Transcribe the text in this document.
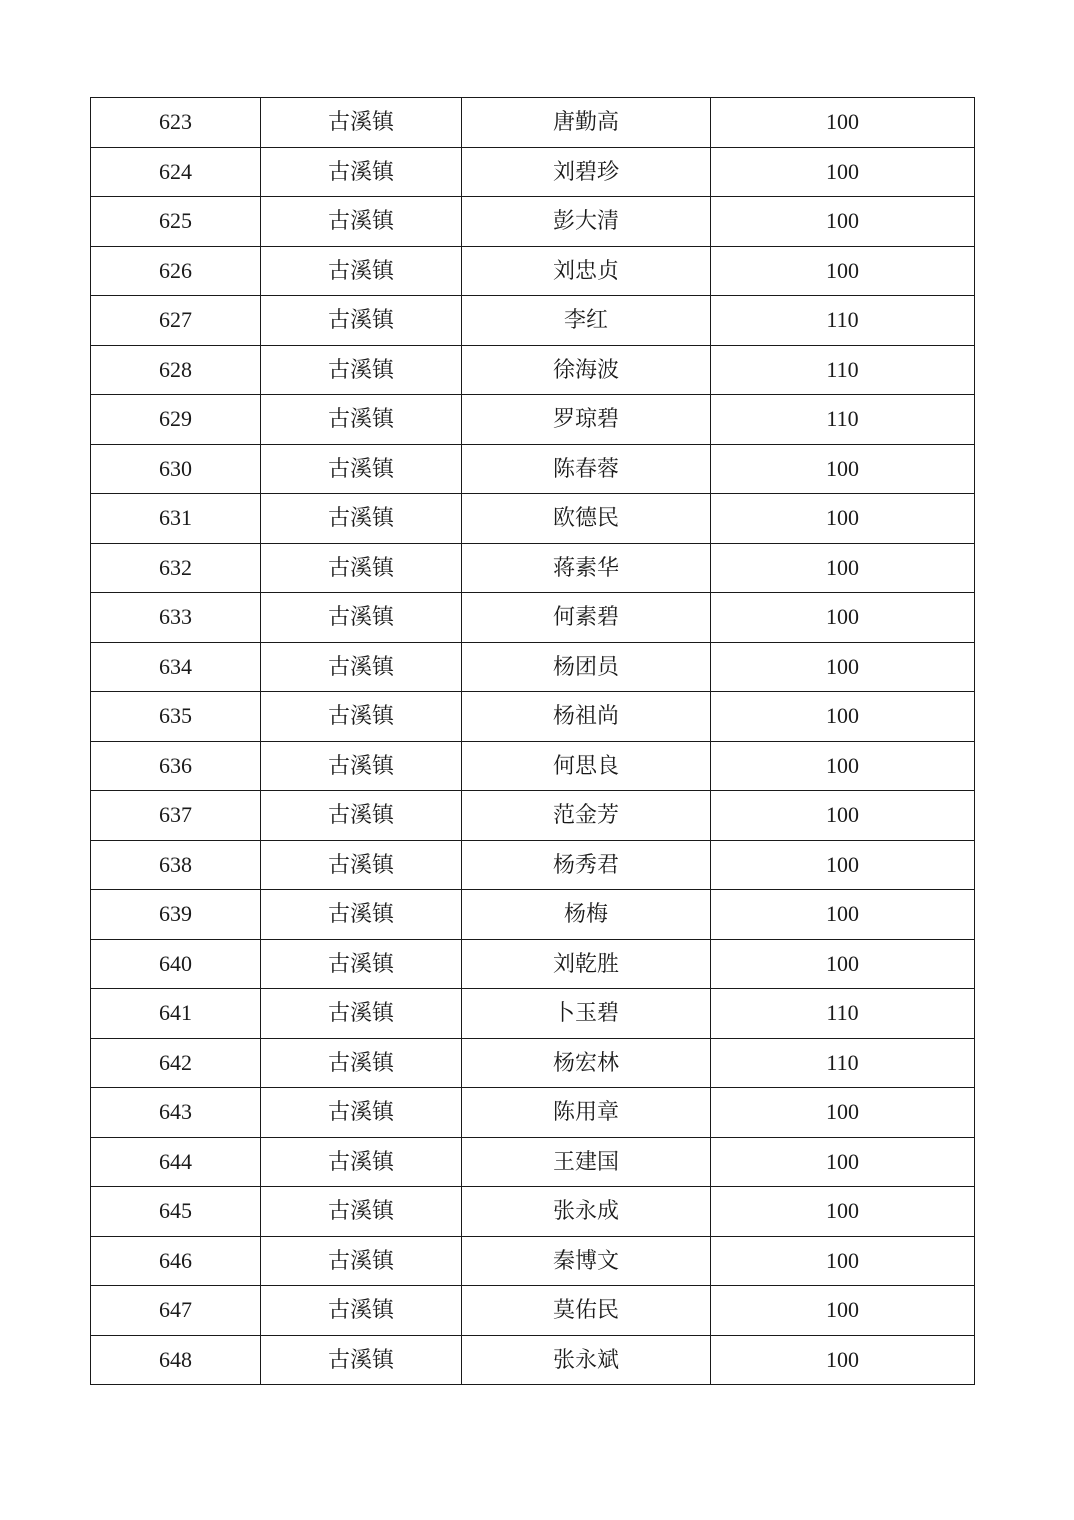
623	古溪镇	唐勤高	100
624	古溪镇	刘碧珍	100
625	古溪镇	彭大清	100
626	古溪镇	刘忠贞	100
627	古溪镇	李红	110
628	古溪镇	徐海波	110
629	古溪镇	罗琼碧	110
630	古溪镇	陈春蓉	100
631	古溪镇	欧德民	100
632	古溪镇	蒋素华	100
633	古溪镇	何素碧	100
634	古溪镇	杨团员	100
635	古溪镇	杨祖尚	100
636	古溪镇	何思良	100
637	古溪镇	范金芳	100
638	古溪镇	杨秀君	100
639	古溪镇	杨梅	100
640	古溪镇	刘乾胜	100
641	古溪镇	卜玉碧	110
642	古溪镇	杨宏林	110
643	古溪镇	陈用章	100
644	古溪镇	王建国	100
645	古溪镇	张永成	100
646	古溪镇	秦博文	100
647	古溪镇	莫佑民	100
648	古溪镇	张永斌	100
